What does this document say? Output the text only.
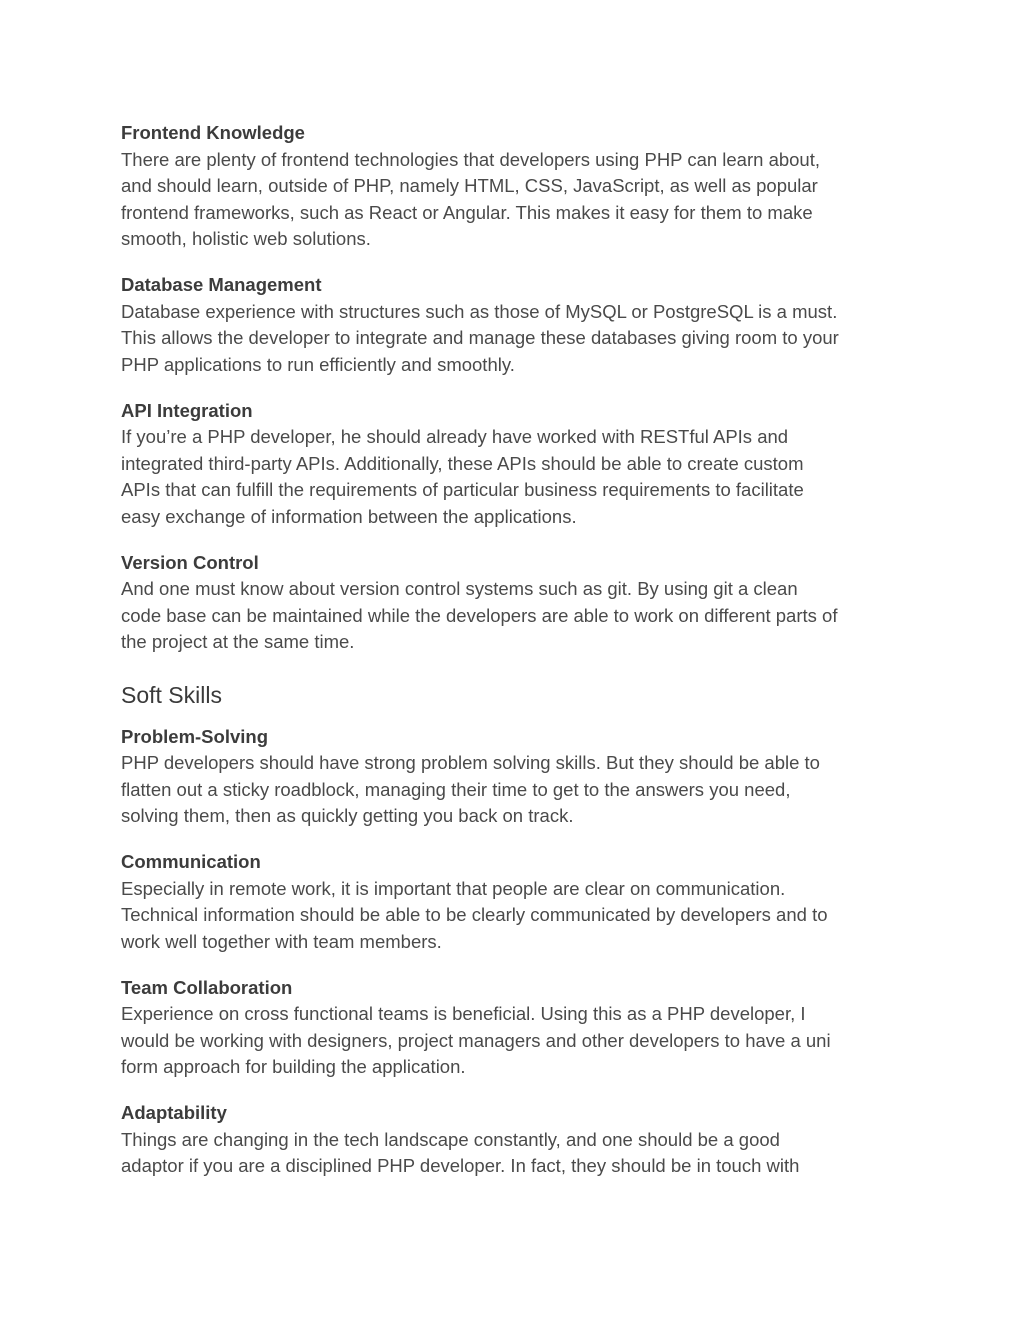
Frontend Knowledge

There are plenty of frontend technologies that developers using PHP can learn about,

and should learn, outside of PHP, namely HTML, CSS, JavaScript, as well as popular

frontend frameworks, such as React or Angular. This makes it easy for them to make

smooth, holistic web solutions.

Database Management

Database experience with structures such as those of MySQL or PostgreSQL is a must.

This allows the developer to integrate and manage these databases giving room to your

PHP applications to run efficiently and smoothly.

API Integration

If you’re a PHP developer, he should already have worked with RESTful APIs and

integrated third-party APIs. Additionally, these APIs should be able to create custom

APIs that can fulfill the requirements of particular business requirements to facilitate

easy exchange of information between the applications.

Version Control

And one must know about version control systems such as git. By using git a clean

code base can be maintained while the developers are able to work on different parts of

the project at the same time.

Soft Skills

Problem-Solving

PHP developers should have strong problem solving skills. But they should be able to

flatten out a sticky roadblock, managing their time to get to the answers you need,

solving them, then as quickly getting you back on track.

Communication

Especially in remote work, it is important that people are clear on communication.

Technical information should be able to be clearly communicated by developers and to

work well together with team members.

Team Collaboration

Experience on cross functional teams is beneficial. Using this as a PHP developer, I

would be working with designers, project managers and other developers to have a uni

form approach for building the application.

Adaptability

Things are changing in the tech landscape constantly, and one should be a good

adaptor if you are a disciplined PHP developer. In fact, they should be in touch with
